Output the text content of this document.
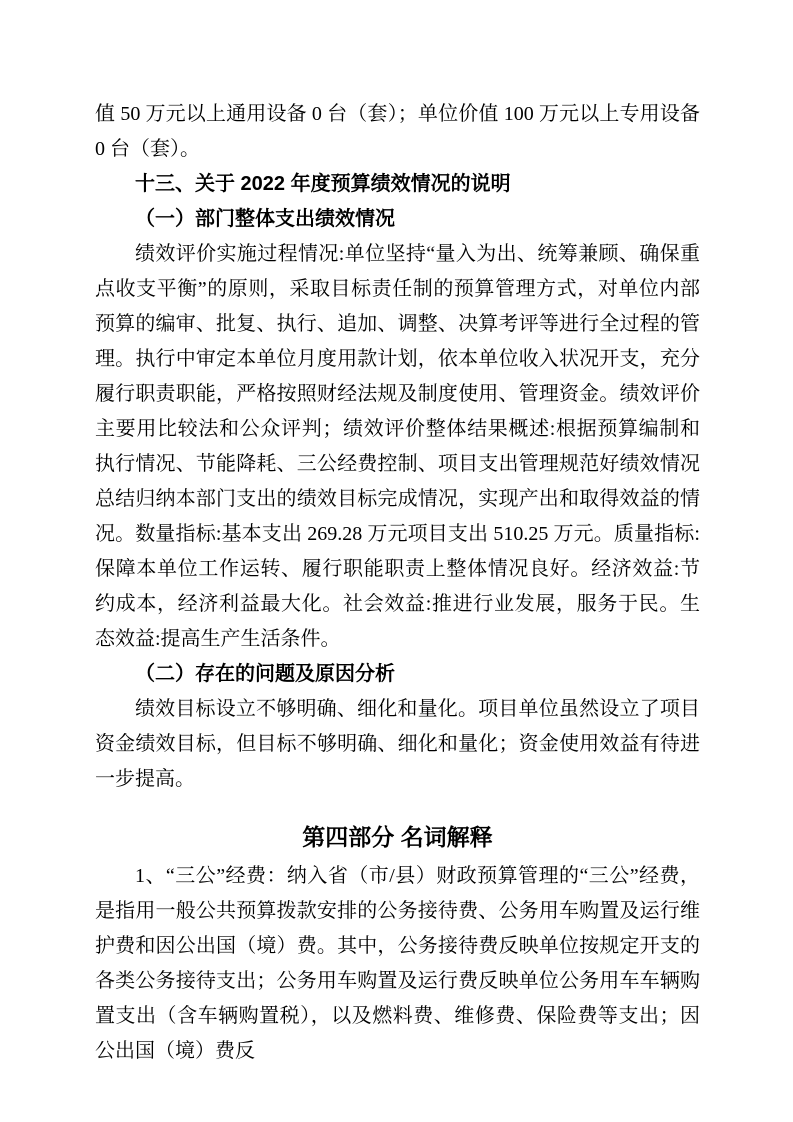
值 50 万元以上通用设备 0 台（套）；单位价值 100 万元以上专用设备 0 台（套）。

十三、关于 2022 年度预算绩效情况的说明
（一）部门整体支出绩效情况

绩效评价实施过程情况:单位坚持“量入为出、统筹兼顾、确保重点收支平衡”的原则，采取目标责任制的预算管理方式，对单位内部预算的编审、批复、执行、追加、调整、决算考评等进行全过程的管理。执行中审定本单位月度用款计划，依本单位收入状况开支，充分履行职责职能，严格按照财经法规及制度使用、管理资金。绩效评价主要用比较法和公众评判；绩效评价整体结果概述:根据预算编制和执行情况、节能降耗、三公经费控制、项目支出管理规范好绩效情况总结归纳本部门支出的绩效目标完成情况，实现产出和取得效益的情况。数量指标:基本支出 269.28 万元项目支出 510.25 万元。质量指标:保障本单位工作运转、履行职能职责上整体情况良好。经济效益:节约成本，经济利益最大化。社会效益:推进行业发展，服务于民。生态效益:提高生产生活条件。

（二）存在的问题及原因分析

绩效目标设立不够明确、细化和量化。项目单位虽然设立了项目资金绩效目标，但目标不够明确、细化和量化；资金使用效益有待进一步提高。

第四部分 名词解释

1、“三公”经费：纳入省（市/县）财政预算管理的“三公”经费，是指用一般公共预算拨款安排的公务接待费、公务用车购置及运行维护费和因公出国（境）费。其中，公务接待费反映单位按规定开支的各类公务接待支出；公务用车购置及运行费反映单位公务用车车辆购置支出（含车辆购置税），以及燃料费、维修费、保险费等支出；因公出国（境）费反
